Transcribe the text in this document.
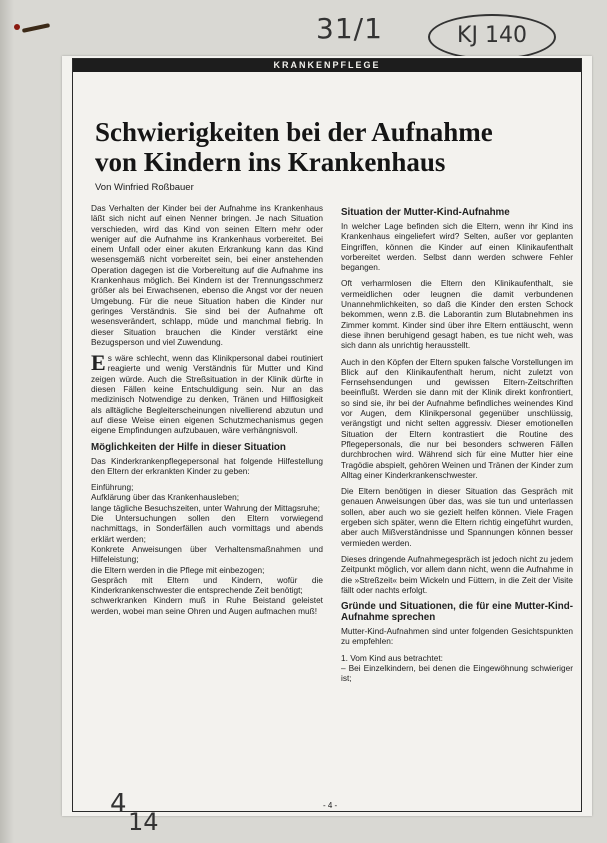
31/1	KJ 140
KRANKENPFLEGE
Schwierigkeiten bei der Aufnahme
von Kindern ins Krankenhaus
Von Winfried Roßbauer

Das Verhalten der Kinder bei der Aufnahme ins Krankenhaus läßt sich nicht auf einen Nenner bringen. Je nach Situation verschieden, wird das Kind von seinen Eltern mehr oder weniger auf die Aufnahme ins Krankenhaus vorbereitet. Bei einem Unfall oder einer akuten Erkrankung kann das Kind wesensgemäß nicht vorbereitet sein, bei einer anstehenden Operation dagegen ist die Vorbereitung auf die Aufnahme ins Krankenhaus möglich. Bei Kindern ist der Trennungsschmerz größer als bei Erwachsenen, ebenso die Angst vor der neuen Umgebung. Für die neue Situation haben die Kinder nur geringes Verständnis. Sie sind bei der Aufnahme oft wesensverändert, schlapp, müde und manchmal fiebrig. In dieser Situation brauchen die Kinder verstärkt eine Bezugsperson und viel Zuwendung.

Es wäre schlecht, wenn das Klinikpersonal dabei routiniert reagierte und wenig Verständnis für Mutter und Kind zeigen würde. Auch die Streßsituation in der Klinik dürfte in diesen Fällen keine Entschuldigung sein. Nur an das medizinisch Notwendige zu denken, Tränen und Hilflosigkeit als alltägliche Begleiterscheinungen nivellierend abzutun und auf diese Weise einen eigenen Schutzmechanismus gegen eigene Empfindungen aufzubauen, wäre verhängnisvoll.

Möglichkeiten der Hilfe in dieser Situation

Das Kinderkrankenpflegepersonal hat folgende Hilfestellung den Eltern der erkrankten Kinder zu geben:

Einführung;
Aufklärung über das Krankenhausleben;
lange tägliche Besuchszeiten, unter Wahrung der Mittagsruhe;
Die Untersuchungen sollen den Eltern vorwiegend nachmittags, in Sonderfällen auch vormittags und abends erklärt werden;
Konkrete Anweisungen über Verhaltensmaßnahmen und Hilfeleistung;
die Eltern werden in die Pflege mit einbezogen;
Gespräch mit Eltern und Kindern, wofür die Kinderkrankenschwester die entsprechende Zeit benötigt;
schwerkranken Kindern muß in Ruhe Beistand geleistet werden, wobei man seine Ohren und Augen aufmachen muß!
Situation der Mutter-Kind-Aufnahme

In welcher Lage befinden sich die Eltern, wenn ihr Kind ins Krankenhaus eingeliefert wird? Selten, außer vor geplanten Eingriffen, können die Kinder auf einen Klinikaufenthalt vorbereitet werden. Selbst dann werden schwere Fehler begangen.

Oft verharmlosen die Eltern den Klinikaufenthalt, sie vermeidlichen oder leugnen die damit verbundenen Unannehmlichkeiten, so daß die Kinder den ersten Schock bekommen, wenn z.B. die Laborantin zum Blutabnehmen ins Zimmer kommt. Kinder sind über ihre Eltern enttäuscht, wenn diese ihnen beruhigend gesagt haben, es tue nicht weh, was sich dann als unrichtig herausstellt.

Auch in den Köpfen der Eltern spuken falsche Vorstellungen im Blick auf den Klinikaufenthalt herum, nicht zuletzt von Fernsehsendungen und gewissen Eltern-Zeitschriften beeinflußt. Werden sie dann mit der Klinik direkt konfrontiert, so sind sie, ihr bei der Aufnahme befindliches weinendes Kind vor Augen, dem Klinikpersonal gegenüber unschlüssig, verängstigt und nicht selten aggressiv. Dieser emotionellen Situation der Eltern kontrastiert die Routine des Pflegepersonals, die nur bei besonders schweren Fällen durchbrochen wird. Während sich für eine Mutter hier eine Tragödie abspielt, gehören Weinen und Tränen der Kinder zum Alltag einer Kinderkrankenschwester.

Die Eltern benötigen in dieser Situation das Gespräch mit genauen Anweisungen über das, was sie tun und unterlassen sollen, aber auch wo sie gezielt helfen können. Viele Fragen ergeben sich später, wenn die Eltern richtig eingeführt wurden, aber auch Mißverständnisse und Spannungen können besser vermieden werden.

Dieses dringende Aufnahmegespräch ist jedoch nicht zu jedem Zeitpunkt möglich, vor allem dann nicht, wenn die Aufnahme in die »Streßzeit« beim Wickeln und Füttern, in die Zeit der Visite fällt oder nachts erfolgt.

Gründe und Situationen, die für eine Mutter-Kind-Aufnahme sprechen

Mutter-Kind-Aufnahmen sind unter folgenden Gesichtspunkten zu empfehlen:

1. Vom Kind aus betrachtet:
– Bei Einzelkindern, bei denen die Eingewöhnung schwieriger ist;
- 4 -
4
14
